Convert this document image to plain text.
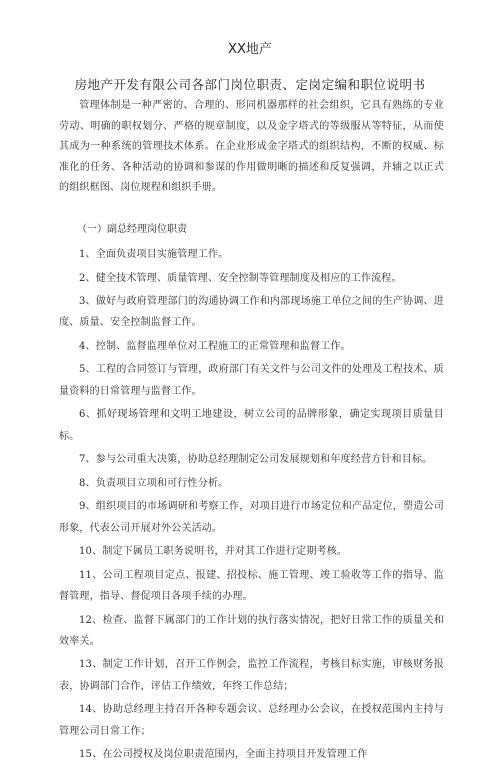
XX地产
房地产开发有限公司各部门岗位职责、定岗定编和职位说明书
管理体制是一种严密的、合理的、形同机器那样的社会组织，它具有熟练的专业劳动、明确的职权划分、严格的规章制度，以及金字塔式的等级服从等特征，从而使其成为一种系统的管理技术体系。在企业形成金字塔式的组织结构，不断的权威、标准化的任务、各种活动的协调和参谋的作用做明晰的描述和反复强调，并辅之以正式的组织框图、岗位规程和组织手册。
（一）副总经理岗位职责
1、全面负责项目实施管理工作。
2、健全技术管理、质量管理、安全控制等管理制度及相应的工作流程。
3、做好与政府管理部门的沟通协调工作和内部现场施工单位之间的生产协调、进度、质量、安全控制监督工作。
4、控制、监督监理单位对工程施工的正常管理和监督工作。
5、工程的合同签订与管理，政府部门有关文件与公司文件的处理及工程技术、质量资料的日常管理与监督工作。
6、抓好现场管理和文明工地建设，树立公司的品牌形象，确定实现项目质量目标。
7、参与公司重大决策，协助总经理制定公司发展规划和年度经营方针和目标。
8、负责项目立项和可行性分析。
9、组织项目的市场调研和考察工作，对项目进行市场定位和产品定位，塑造公司形象，代表公司开展对外公关活动。
10、制定下属员工职务说明书，并对其工作进行定期考核。
11、公司工程项目定点、报建、招投标、施工管理、竣工验收等工作的指导、监督管理，指导、督促项目各项手续的办理。
12、检查、监督下属部门的工作计划的执行落实情况，把好日常工作的质量关和效率关。
13、制定工作计划，召开工作例会，监控工作流程，考核目标实施，审核财务报表，协调部门合作，评估工作绩效，年终工作总结；
14、协助总经理主持召开各种专题会议、总经理办公会议，在授权范围内主持与管理公司日常工作；
15、在公司授权及岗位职责范围内，全面主持项目开发管理工作
